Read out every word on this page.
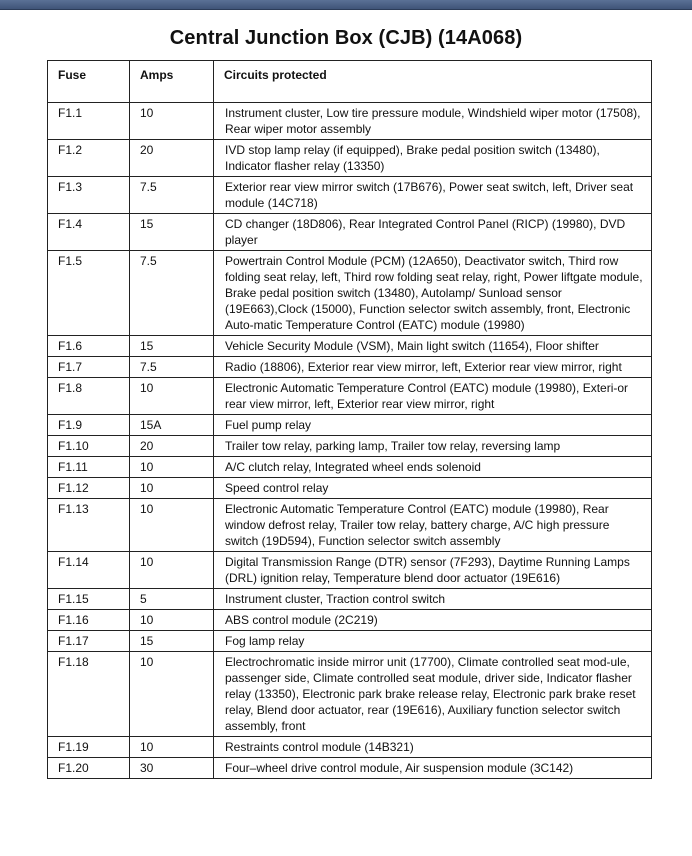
Central Junction Box (CJB) (14A068)
Fuse	Amps	Circuits protected
F1.1	10	Instrument cluster, Low tire pressure module, Windshield wiper motor (17508), Rear wiper motor assembly
F1.2	20	IVD stop lamp relay (if equipped), Brake pedal position switch (13480), Indicator flasher relay (13350)
F1.3	7.5	Exterior rear view mirror switch (17B676), Power seat switch, left, Driver seat module (14C718)
F1.4	15	CD changer (18D806), Rear Integrated Control Panel (RICP) (19980), DVD player
F1.5	7.5	Powertrain Control Module (PCM) (12A650), Deactivator switch, Third row folding seat relay, left, Third row folding seat relay, right, Power liftgate module, Brake pedal position switch (13480), Autolamp/ Sunload sensor (19E663),Clock (15000), Function selector switch assembly, front, Electronic Auto-matic Temperature Control (EATC) module (19980)
F1.6	15	Vehicle Security Module (VSM), Main light switch (11654), Floor shifter
F1.7	7.5	Radio (18806), Exterior rear view mirror, left, Exterior rear view mirror, right
F1.8	10	Electronic Automatic Temperature Control (EATC) module (19980), Exteri-or rear view mirror, left, Exterior rear view mirror, right
F1.9	15A	Fuel pump relay
F1.10	20	Trailer tow relay, parking lamp, Trailer tow relay, reversing lamp
F1.11	10	A/C clutch relay, Integrated wheel ends solenoid
F1.12	10	Speed control relay
F1.13	10	Electronic Automatic Temperature Control (EATC) module (19980), Rear window defrost relay, Trailer tow relay, battery charge, A/C high pressure switch (19D594), Function selector switch assembly
F1.14	10	Digital Transmission Range (DTR) sensor (7F293), Daytime Running Lamps (DRL) ignition relay, Temperature blend door actuator (19E616)
F1.15	5	Instrument cluster, Traction control switch
F1.16	10	ABS control module (2C219)
F1.17	15	Fog lamp relay
F1.18	10	Electrochromatic inside mirror unit (17700), Climate controlled seat mod-ule, passenger side, Climate controlled seat module, driver side, Indicator flasher relay (13350), Electronic park brake release relay, Electronic park brake reset relay, Blend door actuator, rear (19E616), Auxiliary function selector switch assembly, front
F1.19	10	Restraints control module (14B321)
F1.20	30	Four–wheel drive control module, Air suspension module (3C142)
